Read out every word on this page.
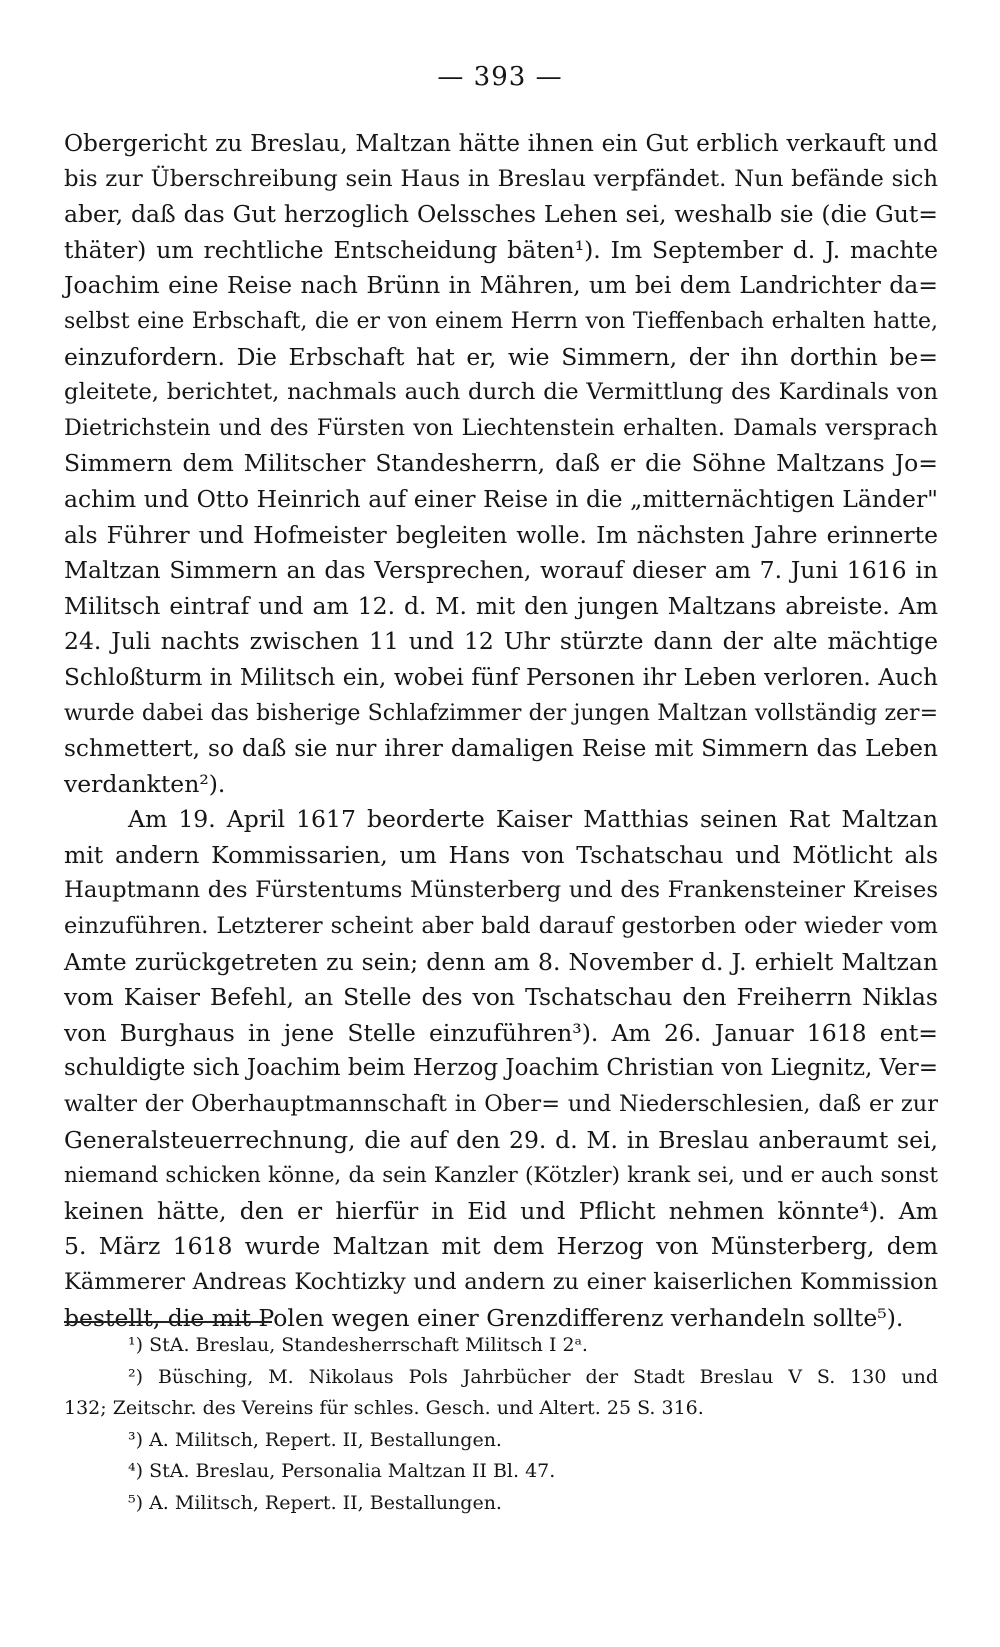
— 393 —
Obergericht zu Breslau, Maltzan hätte ihnen ein Gut erblich verkauft und
bis zur Überschreibung sein Haus in Breslau verpfändet. Nun befände sich
aber, daß das Gut herzoglich Oelssches Lehen sei, weshalb sie (die Gut=
thäter) um rechtliche Entscheidung bäten¹). Im September d. J. machte
Joachim eine Reise nach Brünn in Mähren, um bei dem Landrichter da=
selbst eine Erbschaft, die er von einem Herrn von Tieffenbach erhalten hatte,
einzufordern. Die Erbschaft hat er, wie Simmern, der ihn dorthin be=
gleitete, berichtet, nachmals auch durch die Vermittlung des Kardinals von
Dietrichstein und des Fürsten von Liechtenstein erhalten. Damals versprach
Simmern dem Militscher Standesherrn, daß er die Söhne Maltzans Jo=
achim und Otto Heinrich auf einer Reise in die „mitternächtigen Länder"
als Führer und Hofmeister begleiten wolle. Im nächsten Jahre erinnerte
Maltzan Simmern an das Versprechen, worauf dieser am 7. Juni 1616 in
Militsch eintraf und am 12. d. M. mit den jungen Maltzans abreiste. Am
24. Juli nachts zwischen 11 und 12 Uhr stürzte dann der alte mächtige
Schloßturm in Militsch ein, wobei fünf Personen ihr Leben verloren. Auch
wurde dabei das bisherige Schlafzimmer der jungen Maltzan vollständig zer=
schmettert, so daß sie nur ihrer damaligen Reise mit Simmern das Leben
verdankten²).
Am 19. April 1617 beorderte Kaiser Matthias seinen Rat Maltzan
mit andern Kommissarien, um Hans von Tschatschau und Mötlicht als
Hauptmann des Fürstentums Münsterberg und des Frankensteiner Kreises
einzuführen. Letzterer scheint aber bald darauf gestorben oder wieder vom
Amte zurückgetreten zu sein; denn am 8. November d. J. erhielt Maltzan
vom Kaiser Befehl, an Stelle des von Tschatschau den Freiherrn Niklas
von Burghaus in jene Stelle einzuführen³). Am 26. Januar 1618 ent=
schuldigte sich Joachim beim Herzog Joachim Christian von Liegnitz, Ver=
walter der Oberhauptmannschaft in Ober= und Niederschlesien, daß er zur
Generalsteuerrechnung, die auf den 29. d. M. in Breslau anberaumt sei,
niemand schicken könne, da sein Kanzler (Kötzler) krank sei, und er auch sonst
keinen hätte, den er hierfür in Eid und Pflicht nehmen könnte⁴). Am
5. März 1618 wurde Maltzan mit dem Herzog von Münsterberg, dem
Kämmerer Andreas Kochtizky und andern zu einer kaiserlichen Kommission
bestellt, die mit Polen wegen einer Grenzdifferenz verhandeln sollte⁵).
¹) StA. Breslau, Standesherrschaft Militsch I 2ᵃ.
²) Büsching, M. Nikolaus Pols Jahrbücher der Stadt Breslau V S. 130 und
132; Zeitschr. des Vereins für schles. Gesch. und Altert. 25 S. 316.
³) A. Militsch, Repert. II, Bestallungen.
⁴) StA. Breslau, Personalia Maltzan II Bl. 47.
⁵) A. Militsch, Repert. II, Bestallungen.
